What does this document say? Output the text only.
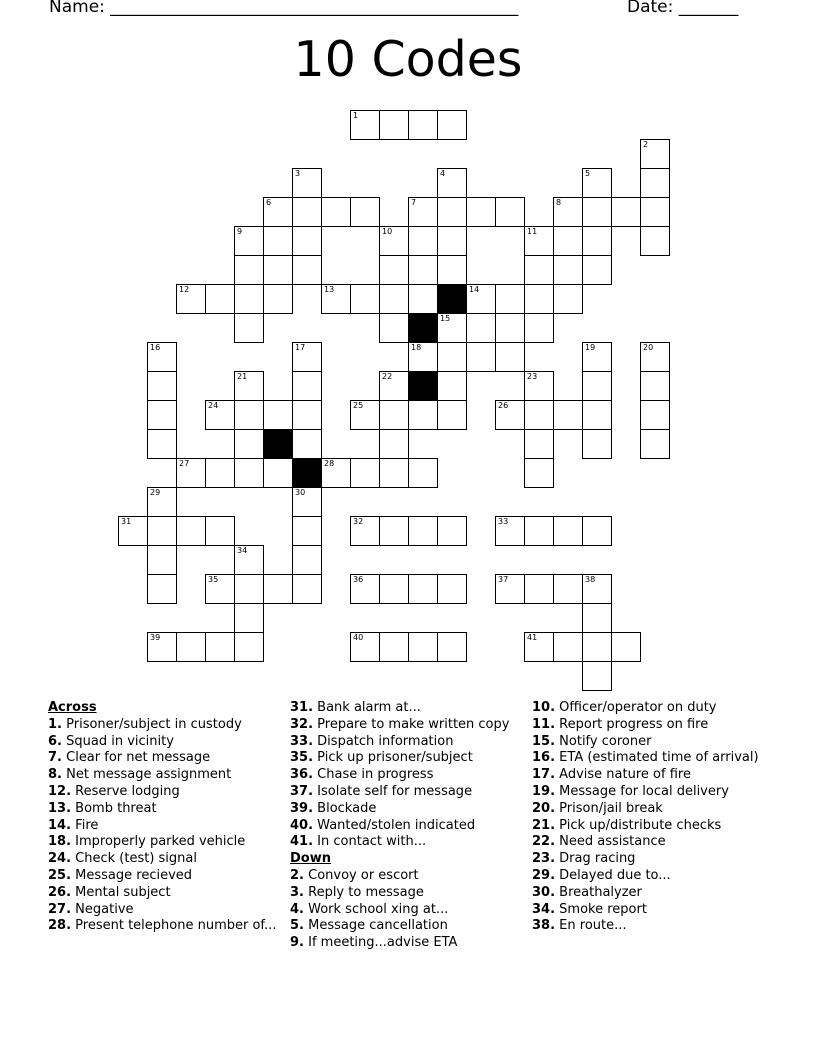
Name: ________________________________________________	Date: _______
10 Codes
1
2
3	4	5
6	7	8
9	10	11
12	13	14
15
16	17	18	19	20
21	22	23
24	25	26
27	28
29	30
31	32	33
34
35	36	37	38
39	40	41
Across
1. Prisoner/subject in custody
6. Squad in vicinity
7. Clear for net message
8. Net message assignment
12. Reserve lodging
13. Bomb threat
14. Fire
18. Improperly parked vehicle
24. Check (test) signal
25. Message recieved
26. Mental subject
27. Negative
28. Present telephone number of...
31. Bank alarm at...
32. Prepare to make written copy
33. Dispatch information
35. Pick up prisoner/subject
36. Chase in progress
37. Isolate self for message
39. Blockade
40. Wanted/stolen indicated
41. In contact with...
Down
2. Convoy or escort
3. Reply to message
4. Work school xing at...
5. Message cancellation
9. If meeting...advise ETA
10. Officer/operator on duty
11. Report progress on fire
15. Notify coroner
16. ETA (estimated time of arrival)
17. Advise nature of fire
19. Message for local delivery
20. Prison/jail break
21. Pick up/distribute checks
22. Need assistance
23. Drag racing
29. Delayed due to...
30. Breathalyzer
34. Smoke report
38. En route...
